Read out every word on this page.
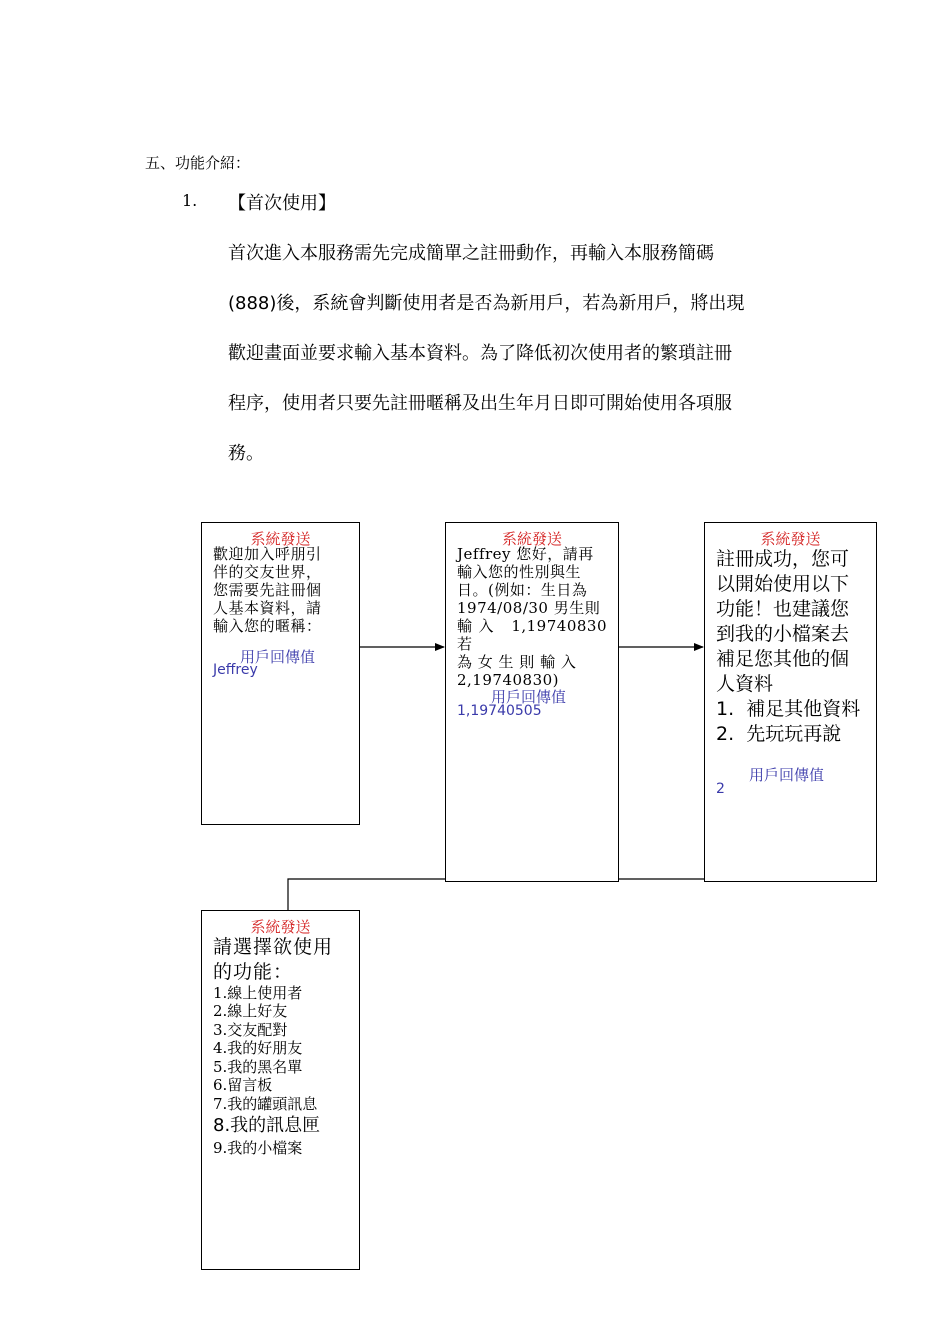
五、功能介紹：
1. 【首次使用】
首次進入本服務需先完成簡單之註冊動作，再輸入本服務簡碼
(888)後，系統會判斷使用者是否為新用戶，若為新用戶，將出現
歡迎畫面並要求輸入基本資料。為了降低初次使用者的繁瑣註冊
程序，使用者只要先註冊暱稱及出生年月日即可開始使用各項服
務。
系統發送
歡迎加入呼朋引
伴的交友世界，
您需要先註冊個
人基本資料，請
輸入您的暱稱：
用戶回傳值
Jeffrey
系統發送
Jeffrey 您好，請再
輸入您的性別與生
日。(例如：生日為
1974/08/30 男生則
輸入 1,19740830 若
為 女 生 則 輸 入
2,19740830)
用戶回傳值
1,19740505
系統發送
註冊成功，您可
以開始使用以下
功能！也建議您
到我的小檔案去
補足您其他的個
人資料
1.  補足其他資料
2.  先玩玩再說
用戶回傳值
2
系統發送
請選擇欲使用
的功能：
1.線上使用者
2.線上好友
3.交友配對
4.我的好朋友
5.我的黑名單
6.留言板
7.我的罐頭訊息
8.我的訊息匣
9.我的小檔案
